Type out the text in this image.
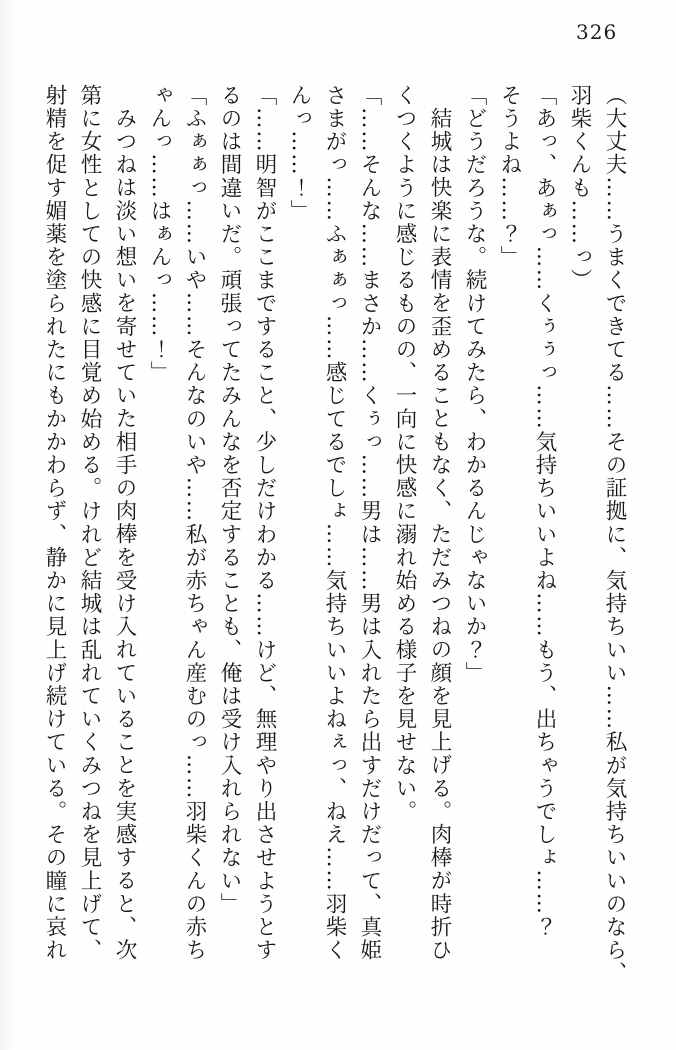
326

（大丈夫……うまくできてる……その証拠に、気持ちいい……私が気持ちいいのなら、

羽柴くんも……っ）

「あっ、あぁっ……くぅぅっ……気持ちいいよね……もう、出ちゃうでしょ……？

そうよね……？」

「どうだろうな。続けてみたら、わかるんじゃないか？」

結城は快楽に表情を歪めることもなく、ただみつねの顔を見上げる。肉棒が時折ひ

くつくように感じるものの、一向に快感に溺れ始める様子を見せない。

「……そんな……まさか……くぅっ……男は……男は入れたら出すだけだって、真姫

さまがっ……ふぁぁっ……感じてるでしょ……気持ちいいよねぇっ、ねえ……羽柴く

んっ……！」

「……明智がここまですること、少しだけわかる……けど、無理やり出させようとす

るのは間違いだ。頑張ってたみんなを否定することも、俺は受け入れられない」

「ふぁぁっ……いや……そんなのいや……私が赤ちゃん産むのっ……羽柴くんの赤ち

ゃんっ……はぁんっ……！」

みつねは淡い想いを寄せていた相手の肉棒を受け入れていることを実感すると、次

第に女性としての快感に目覚め始める。けれど結城は乱れていくみつねを見上げて、

射精を促す媚薬を塗られたにもかかわらず、静かに見上げ続けている。その瞳に哀れ
